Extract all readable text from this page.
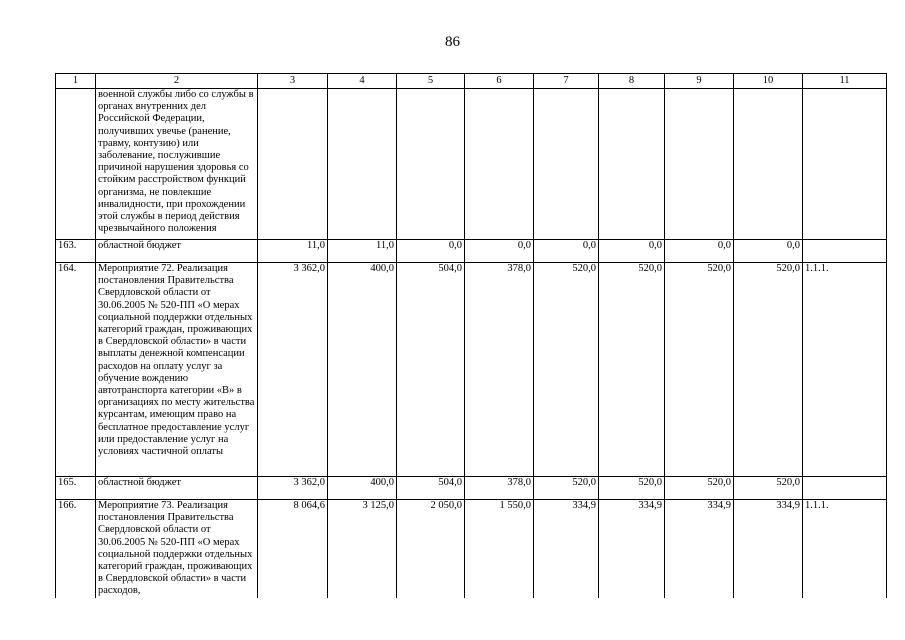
86
1	2	3	4	5	6	7	8	9	10	11
	военной службы либо со службы в органах внутренних дел Российской Федерации, получивших увечье (ранение, травму, контузию) или заболевание, послужившие причиной нарушения здоровья со стойким расстройством функций организма, не повлекшие инвалидности, при прохождении этой службы в период действия чрезвычайного положения									
163.	областной бюджет	11,0	11,0	0,0	0,0	0,0	0,0	0,0	0,0	
164.	Мероприятие 72. Реализация постановления Правительства Свердловской области от 30.06.2005 № 520-ПП «О мерах социальной поддержки отдельных категорий граждан, проживающих в Свердловской области» в части выплаты денежной компенсации расходов на оплату услуг за обучение вождению автотранспорта категории «В» в организациях по месту жительства курсантам, имеющим право на бесплатное предоставление услуг или предоставление услуг на условиях частичной оплаты	3 362,0	400,0	504,0	378,0	520,0	520,0	520,0	520,0	1.1.1.
165.	областной бюджет	3 362,0	400,0	504,0	378,0	520,0	520,0	520,0	520,0	
166.	Мероприятие 73. Реализация постановления Правительства Свердловской области от 30.06.2005 № 520-ПП «О мерах социальной поддержки отдельных категорий граждан, проживающих в Свердловской области» в части расходов,	8 064,6	3 125,0	2 050,0	1 550,0	334,9	334,9	334,9	334,9	1.1.1.
